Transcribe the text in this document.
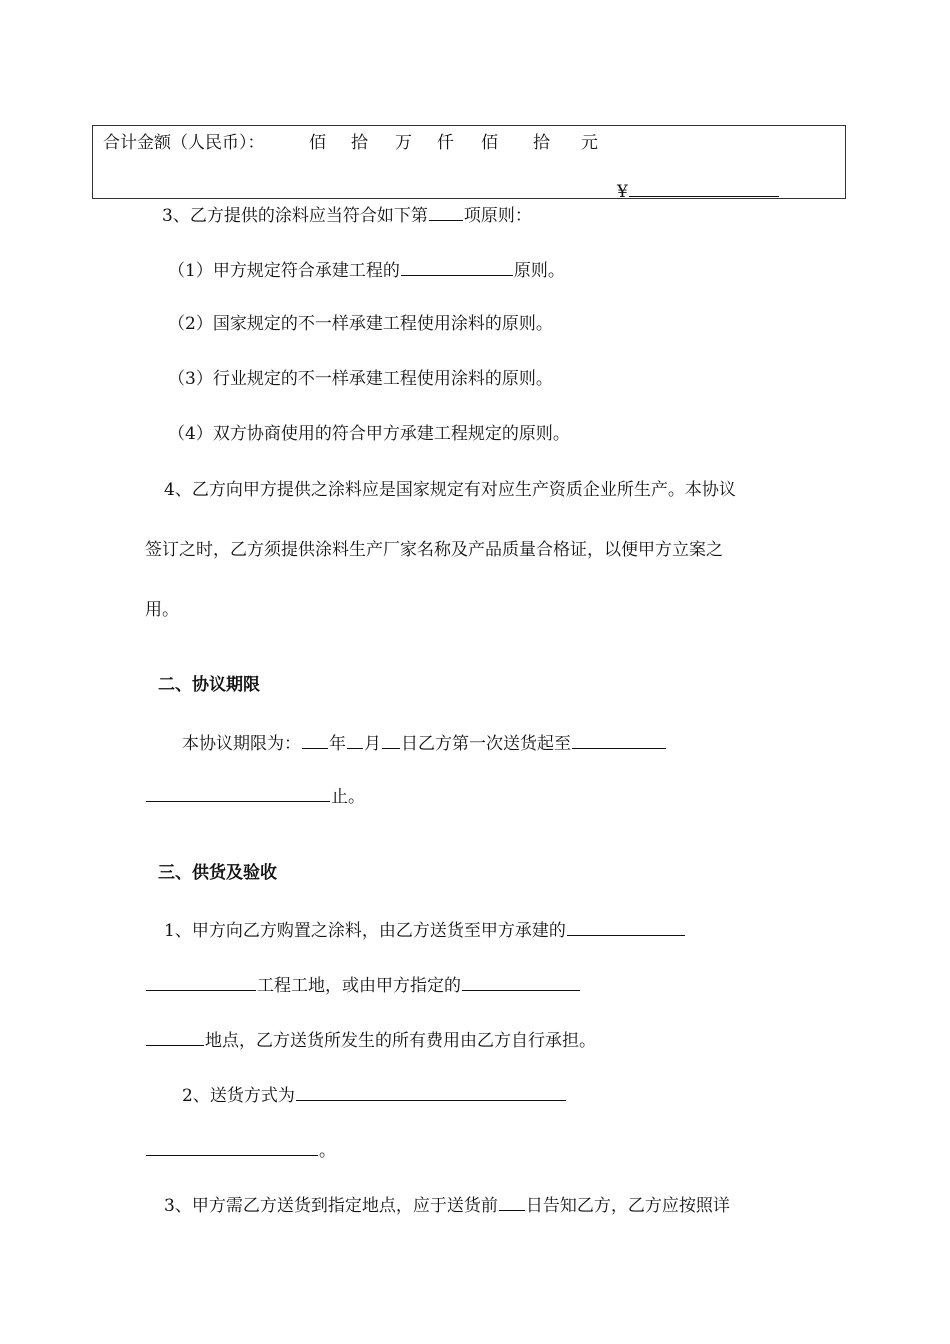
合计金额（人民币）：	佰 拾 万 仟 佰 拾 元
¥
3、乙方提供的涂料应当符合如下第 项原则：
（1）甲方规定符合承建工程的	原则。
（2）国家规定的不一样承建工程使用涂料的原则。
（3）行业规定的不一样承建工程使用涂料的原则。
（4）双方协商使用的符合甲方承建工程规定的原则。
4、乙方向甲方提供之涂料应是国家规定有对应生产资质企业所生产。本协议
签订之时，乙方须提供涂料生产厂家名称及产品质量合格证，以便甲方立案之
用。
二、协议期限
本协议期限为： 年 月 日乙方第一次送货起至
止。
三、供货及验收
1、甲方向乙方购置之涂料，由乙方送货至甲方承建的
工程工地，或由甲方指定的
地点，乙方送货所发生的所有费用由乙方自行承担。
2、送货方式为
。
3、甲方需乙方送货到指定地点，应于送货前 日告知乙方，乙方应按照详
